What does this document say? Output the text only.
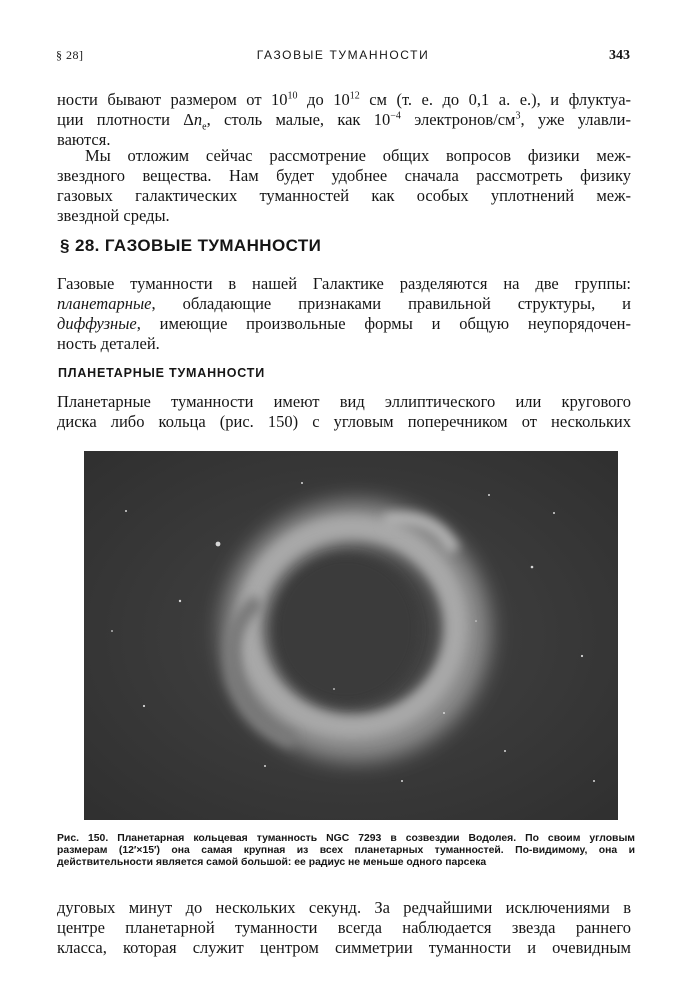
§ 28]	ГАЗОВЫЕ ТУМАННОСТИ	343

ности бывают размером от $10^{10}$ до $10^{12}$ см (т. е. до 0,1 а. е.), и флуктуа-
ции плотности $\Delta n_e$, столь малые, как $10^{-4}$ электронов/$см^3$, уже улавли-
ваются.

Мы отложим сейчас рассмотрение общих вопросов физики меж-
звездного вещества. Нам будет удобнее сначала рассмотреть физику
газовых галактических туманностей как особых уплотнений меж-
звездной среды.

§ 28. ГАЗОВЫЕ ТУМАННОСТИ

Газовые туманности в нашей Галактике разделяются на две группы:
планетарные, обладающие признаками правильной структуры, и
диффузные, имеющие произвольные формы и общую неупорядочен-
ность деталей.

ПЛАНЕТАРНЫЕ ТУМАННОСТИ

Планетарные туманности имеют вид эллиптического или кругового
диска либо кольца (рис. 150) с угловым поперечником от нескольких

Рис. 150. Планетарная кольцевая туманность NGC 7293 в созвездии Водолея. По своим угловым
размерам (12′×15′) она самая крупная из всех планетарных туманностей. По-видимому, она и
действительности является самой большой: ее радиус не меньше одного парсека

дуговых минут до нескольких секунд. За редчайшими исключениями в
центре планетарной туманности всегда наблюдается звезда раннего
класса, которая служит центром симметрии туманности и очевидным
